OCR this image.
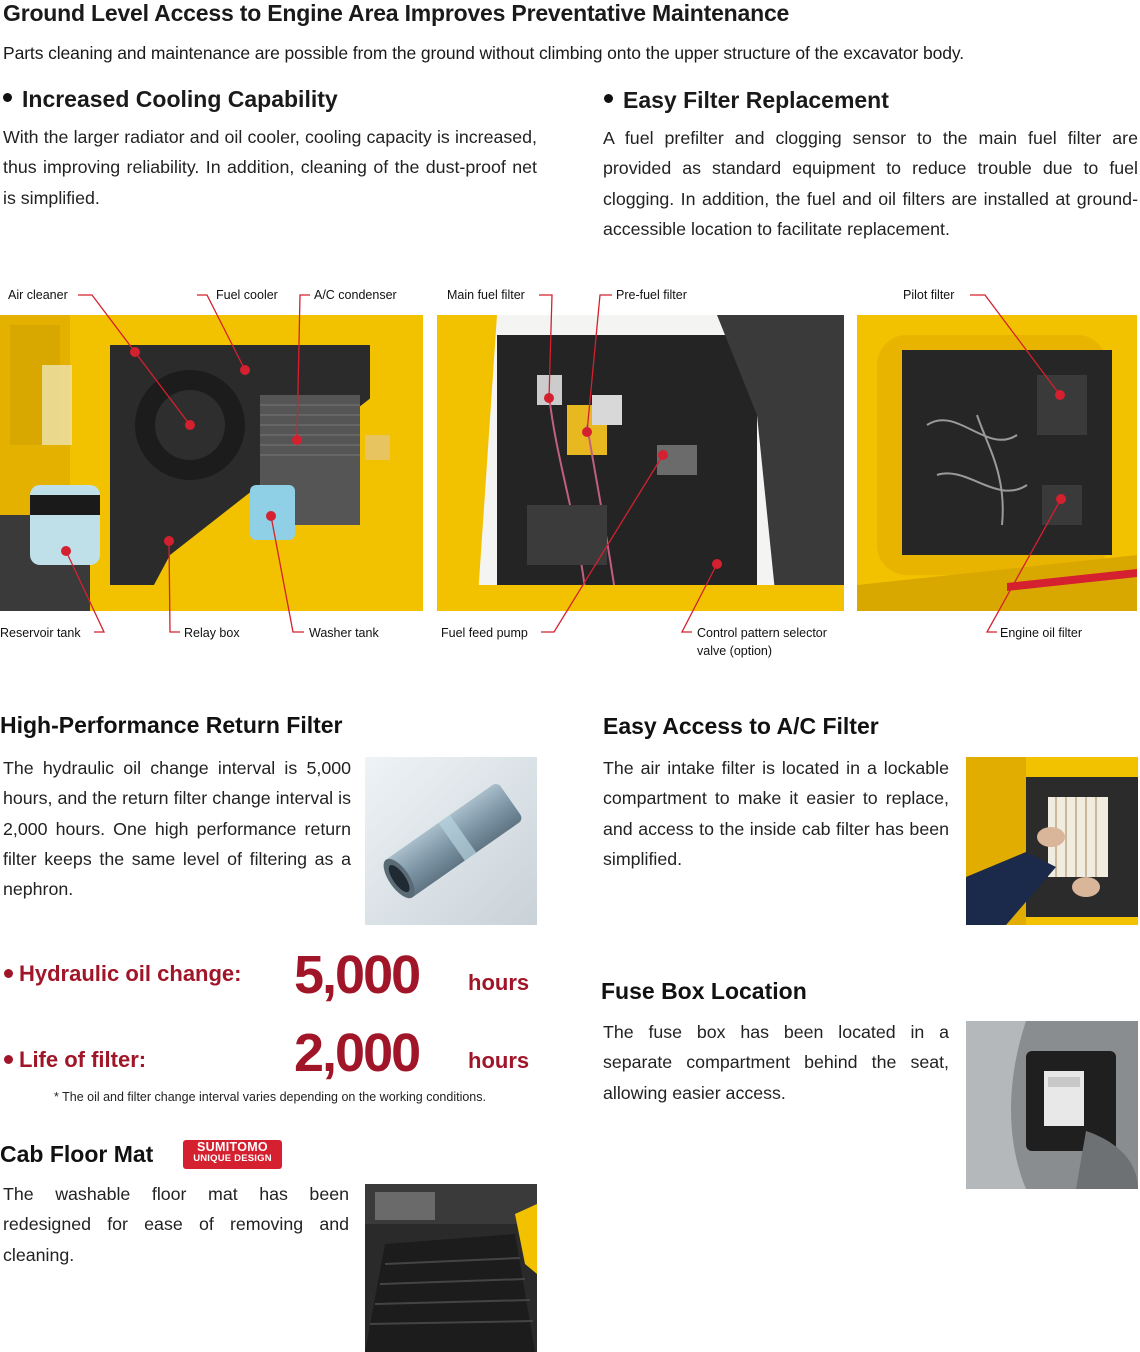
Ground Level Access to Engine Area Improves Preventative Maintenance

Parts cleaning and maintenance are possible from the ground without climbing onto the upper structure of the excavator body.

Increased Cooling Capability

With the larger radiator and oil cooler, cooling capacity is increased, thus improving reliability. In addition, cleaning of the dust-proof net is simplified.

Easy Filter Replacement

A fuel prefilter and clogging sensor to the main fuel filter are provided as standard equipment to reduce trouble due to fuel clogging. In addition, the fuel and oil filters are installed at ground-accessible location to facilitate replacement.

Air cleaner	Fuel cooler	A/C condenser	Main fuel filter	Pre-fuel filter	Pilot filter
Reservoir tank	Relay box	Washer tank	Fuel feed pump	Control pattern selector
valve (option)
Engine oil filter
High-Performance Return Filter

The hydraulic oil change interval is 5,000 hours, and the return filter change interval is 2,000 hours. One high performance return filter keeps the same level of filtering as a nephron.

Hydraulic oil change: 5,000 hours
Life of filter:	2,000 hours
* The oil and filter change interval varies depending on the working conditions.
Cab Floor Mat	SUMITOMO
UNIQUE DESIGN

The washable floor mat has been redesigned for ease of removing and cleaning.

Easy Access to A/C Filter

The air intake filter is located in a lockable compartment to make it easier to replace, and access to the inside cab filter has been simplified.

Fuse Box Location

The fuse box has been located in a separate compartment behind the seat, allowing easier access.
